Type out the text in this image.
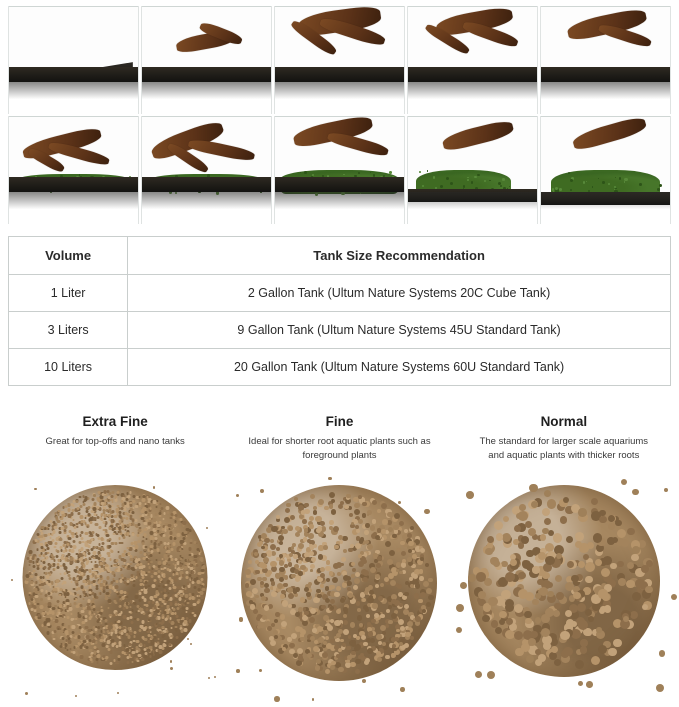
Volume	Tank Size Recommendation
1 Liter	2 Gallon Tank (Ultum Nature Systems 20C Cube Tank)
3 Liters	9 Gallon Tank (Ultum Nature Systems 45U Standard Tank)
10 Liters	20 Gallon Tank (Ultum Nature Systems 60U Standard Tank)
Extra Fine
Great for top-offs and nano tanks
Fine
Ideal for shorter root aquatic plants such as foreground plants
Normal
The standard for larger scale aquariums and aquatic plants with thicker roots
